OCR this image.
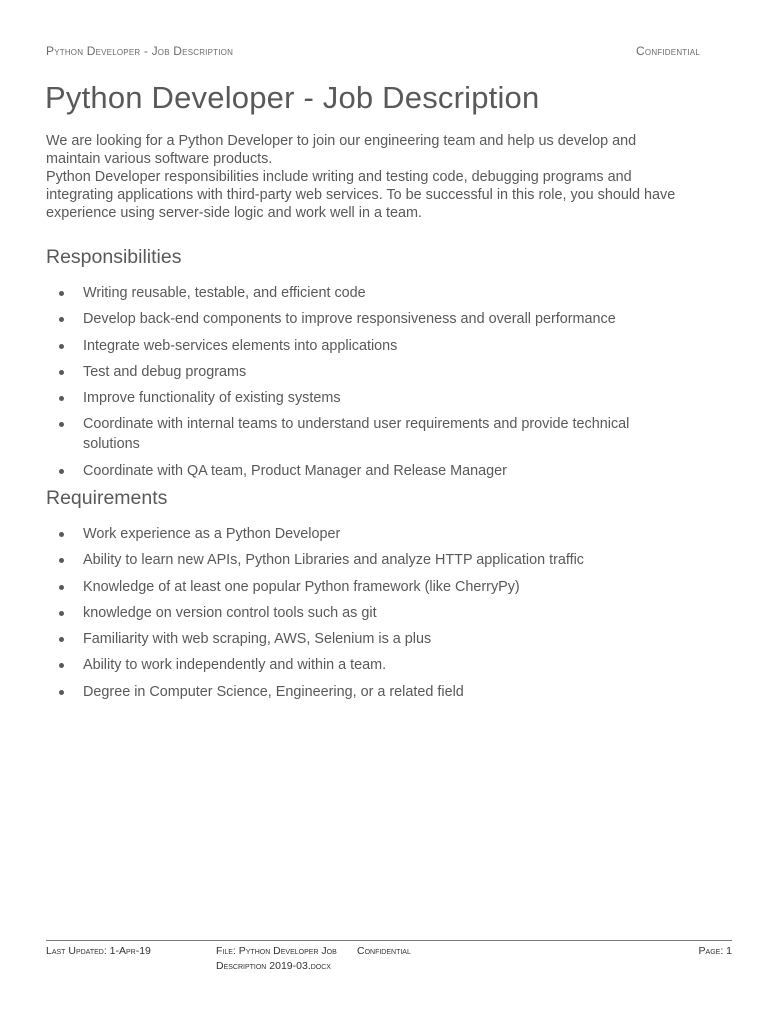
Python Developer - Job Description	Confidential
Python Developer - Job Description

We are looking for a Python Developer to join our engineering team and help us develop and maintain various software products.

Python Developer responsibilities include writing and testing code, debugging programs and integrating applications with third-party web services. To be successful in this role, you should have experience using server-side logic and work well in a team.

Responsibilities
Writing reusable, testable, and efficient code
Develop back-end components to improve responsiveness and overall performance
Integrate web-services elements into applications
Test and debug programs
Improve functionality of existing systems
Coordinate with internal teams to understand user requirements and provide technical solutions
Coordinate with QA team, Product Manager and Release Manager
Requirements
Work experience as a Python Developer
Ability to learn new APIs, Python Libraries and analyze HTTP application traffic
Knowledge of at least one popular Python framework (like CherryPy)
knowledge on version control tools such as git
Familiarity with web scraping, AWS, Selenium is a plus
Ability to work independently and within a team.
Degree in Computer Science, Engineering, or a related field
Last Updated: 1-Apr-19	File: Python Developer Job
Description 2019-03.docx
Confidential	Page: 1
